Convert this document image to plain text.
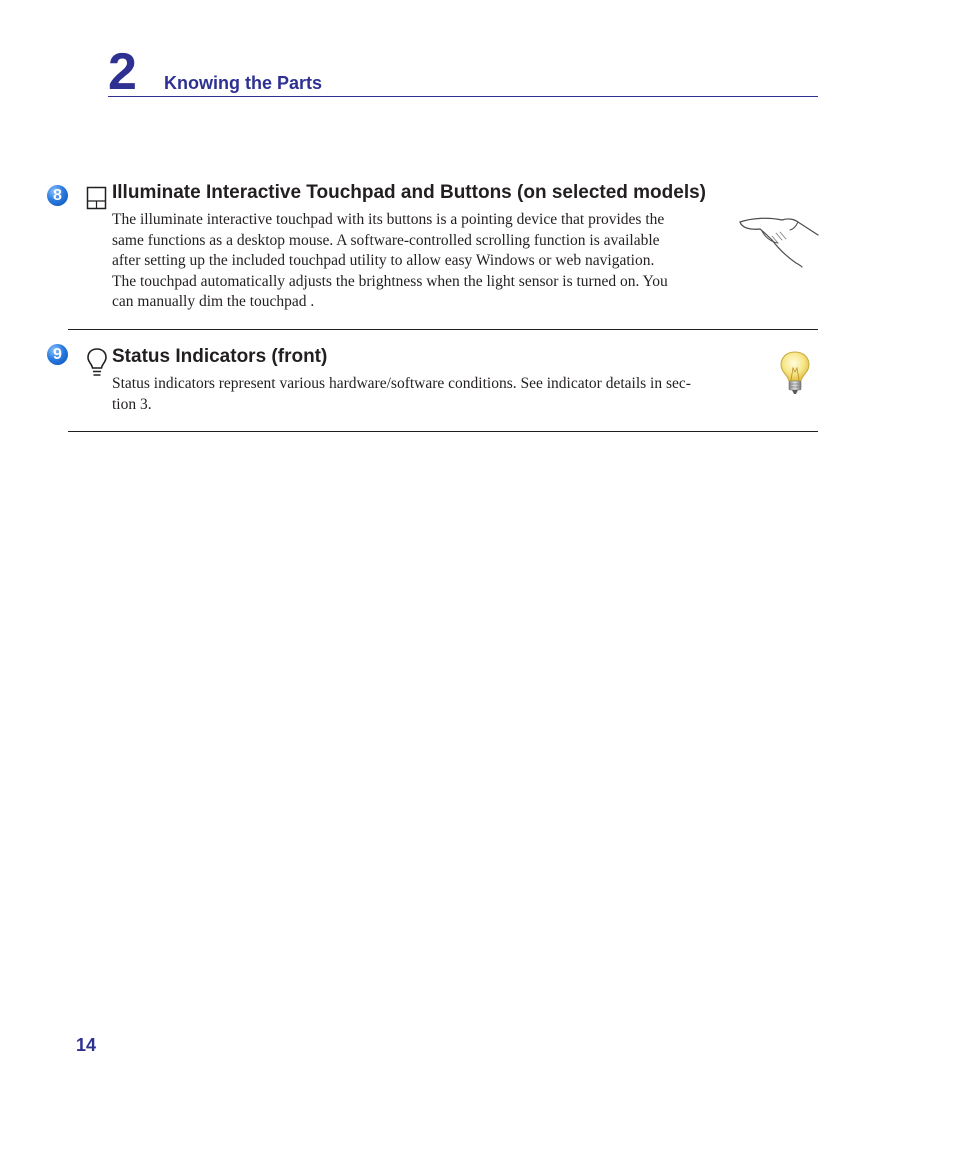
2 Knowing the Parts
8	Illuminate Interactive Touchpad and Buttons (on selected models)
The illuminate interactive touchpad with its buttons is a pointing device that provides the
same functions as a desktop mouse. A software-controlled scrolling function is available
after setting up the included touchpad utility to allow easy Windows or web navigation.
The touchpad automatically adjusts the brightness when the light sensor is turned on. You
can manually dim the touchpad .
9	Status Indicators (front)
Status indicators represent various hardware/software conditions. See indicator details in sec-
tion 3.
14
